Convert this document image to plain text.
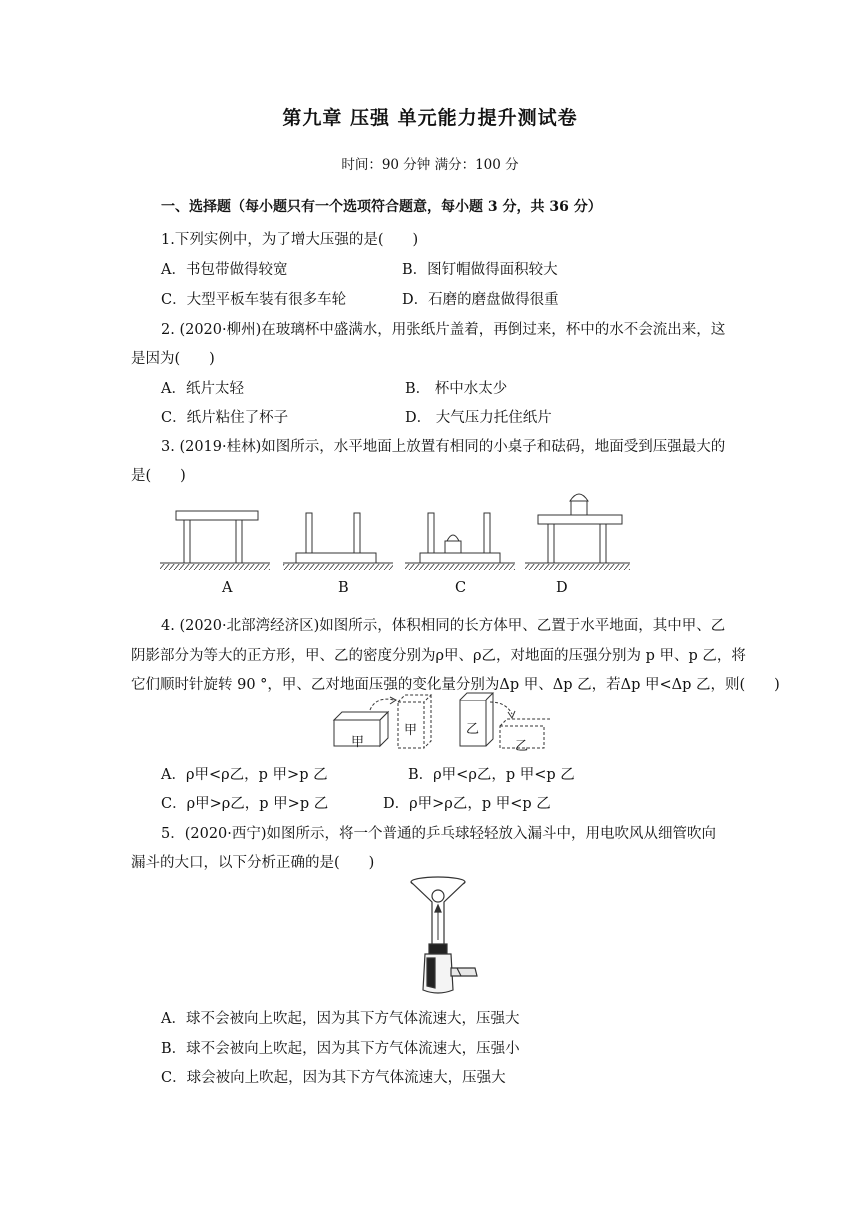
第九章 压强 单元能力提升测试卷
时间：90 分钟 满分：100 分
一、选择题（每小题只有一个选项符合题意，每小题 3 分，共 36 分）
1.下列实例中，为了增大压强的是(　　)
A．书包带做得较宽	B．图钉帽做得面积较大
C．大型平板车装有很多车轮	D．石磨的磨盘做得很重
2. (2020·柳州)在玻璃杯中盛满水，用张纸片盖着，再倒过来，杯中的水不会流出来，这
是因为(　　)
A．纸片太轻	B． 杯中水太少
C．纸片粘住了杯子	D． 大气压力托住纸片
3. (2019·桂林)如图所示，水平地面上放置有相同的小桌子和砝码，地面受到压强最大的
是(　　)
A	B	C	D
4. (2020·北部湾经济区)如图所示，体积相同的长方体甲、乙置于水平地面，其中甲、乙
阴影部分为等大的正方形，甲、乙的密度分别为ρ甲、ρ乙，对地面的压强分别为 p 甲、p 乙，将
它们顺时针旋转 90 °，甲、乙对地面压强的变化量分别为Δp 甲、Δp 乙，若Δp 甲<Δp 乙，则(　　)
甲
甲	乙
乙
A．ρ甲<ρ乙，p 甲>p 乙	B．ρ甲<ρ乙，p 甲<p 乙
C．ρ甲>ρ乙，p 甲>p 乙	D．ρ甲>ρ乙，p 甲<p 乙
5．(2020·西宁)如图所示，将一个普通的乒乓球轻轻放入漏斗中，用电吹风从细管吹向
漏斗的大口，以下分析正确的是(　　)
A．球不会被向上吹起，因为其下方气体流速大，压强大
B．球不会被向上吹起，因为其下方气体流速大，压强小
C．球会被向上吹起，因为其下方气体流速大，压强大
